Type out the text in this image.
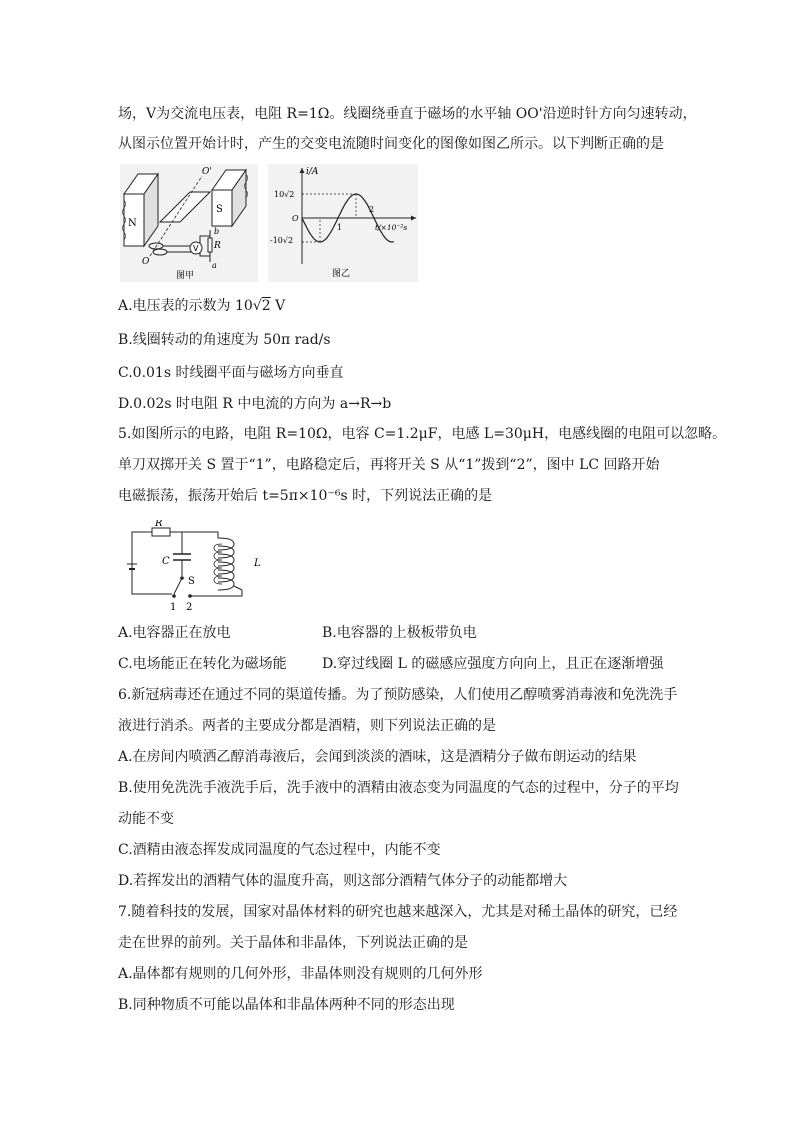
场，V为交流电压表，电阻 R=1Ω。线圈绕垂直于磁场的水平轴 OO'沿逆时针方向匀速转动，
从图示位置开始计时，产生的交变电流随时间变化的图像如图乙所示。以下判断正确的是
N
S
O'
O
V R
b
a
图甲
i/A
t/×10⁻²s
10√2
-10√2
O
1
2
图乙
A.电压表的示数为 10√2 V
B.线圈转动的角速度为 50π rad/s
C.0.01s 时线圈平面与磁场方向垂直
D.0.02s 时电阻 R 中电流的方向为 a→R→b
5.如图所示的电路，电阻 R=10Ω，电容 C=1.2μF，电感 L=30μH，电感线圈的电阻可以忽略。
单刀双掷开关 S 置于“1”，电路稳定后，再将开关 S 从“1”拨到“2”，图中 LC 回路开始
电磁振荡，振荡开始后 t=5π×10⁻⁶s 时，下列说法正确的是
R
C
S
L
1 2
A.电容器正在放电	B.电容器的上极板带负电
C.电场能正在转化为磁场能	D.穿过线圈 L 的磁感应强度方向向上，且正在逐渐增强
6.新冠病毒还在通过不同的渠道传播。为了预防感染，人们使用乙醇喷雾消毒液和免洗洗手
液进行消杀。两者的主要成分都是酒精，则下列说法正确的是
A.在房间内喷洒乙醇消毒液后，会闻到淡淡的酒味，这是酒精分子做布朗运动的结果
B.使用免洗洗手液洗手后，洗手液中的酒精由液态变为同温度的气态的过程中，分子的平均
动能不变
C.酒精由液态挥发成同温度的气态过程中，内能不变
D.若挥发出的酒精气体的温度升高，则这部分酒精气体分子的动能都增大
7.随着科技的发展，国家对晶体材料的研究也越来越深入，尤其是对稀土晶体的研究，已经
走在世界的前列。关于晶体和非晶体，下列说法正确的是
A.晶体都有规则的几何外形，非晶体则没有规则的几何外形
B.同种物质不可能以晶体和非晶体两种不同的形态出现
